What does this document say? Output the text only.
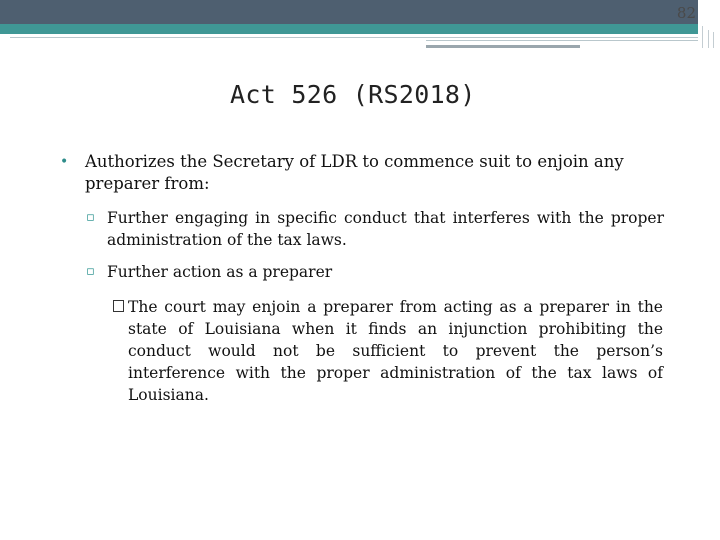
82
Act 526 (RS2018)
•	Authorizes the Secretary of LDR to commence suit to enjoin any preparer from:
▫ Further engaging in specific conduct that interferes with the proper administration of the tax laws.
▫ Further action as a preparer
The court may enjoin a preparer from acting as a preparer in the state of Louisiana when it finds an injunction prohibiting the conduct would not be sufficient to prevent the person’s interference with the proper administration of the tax laws of Louisiana.
